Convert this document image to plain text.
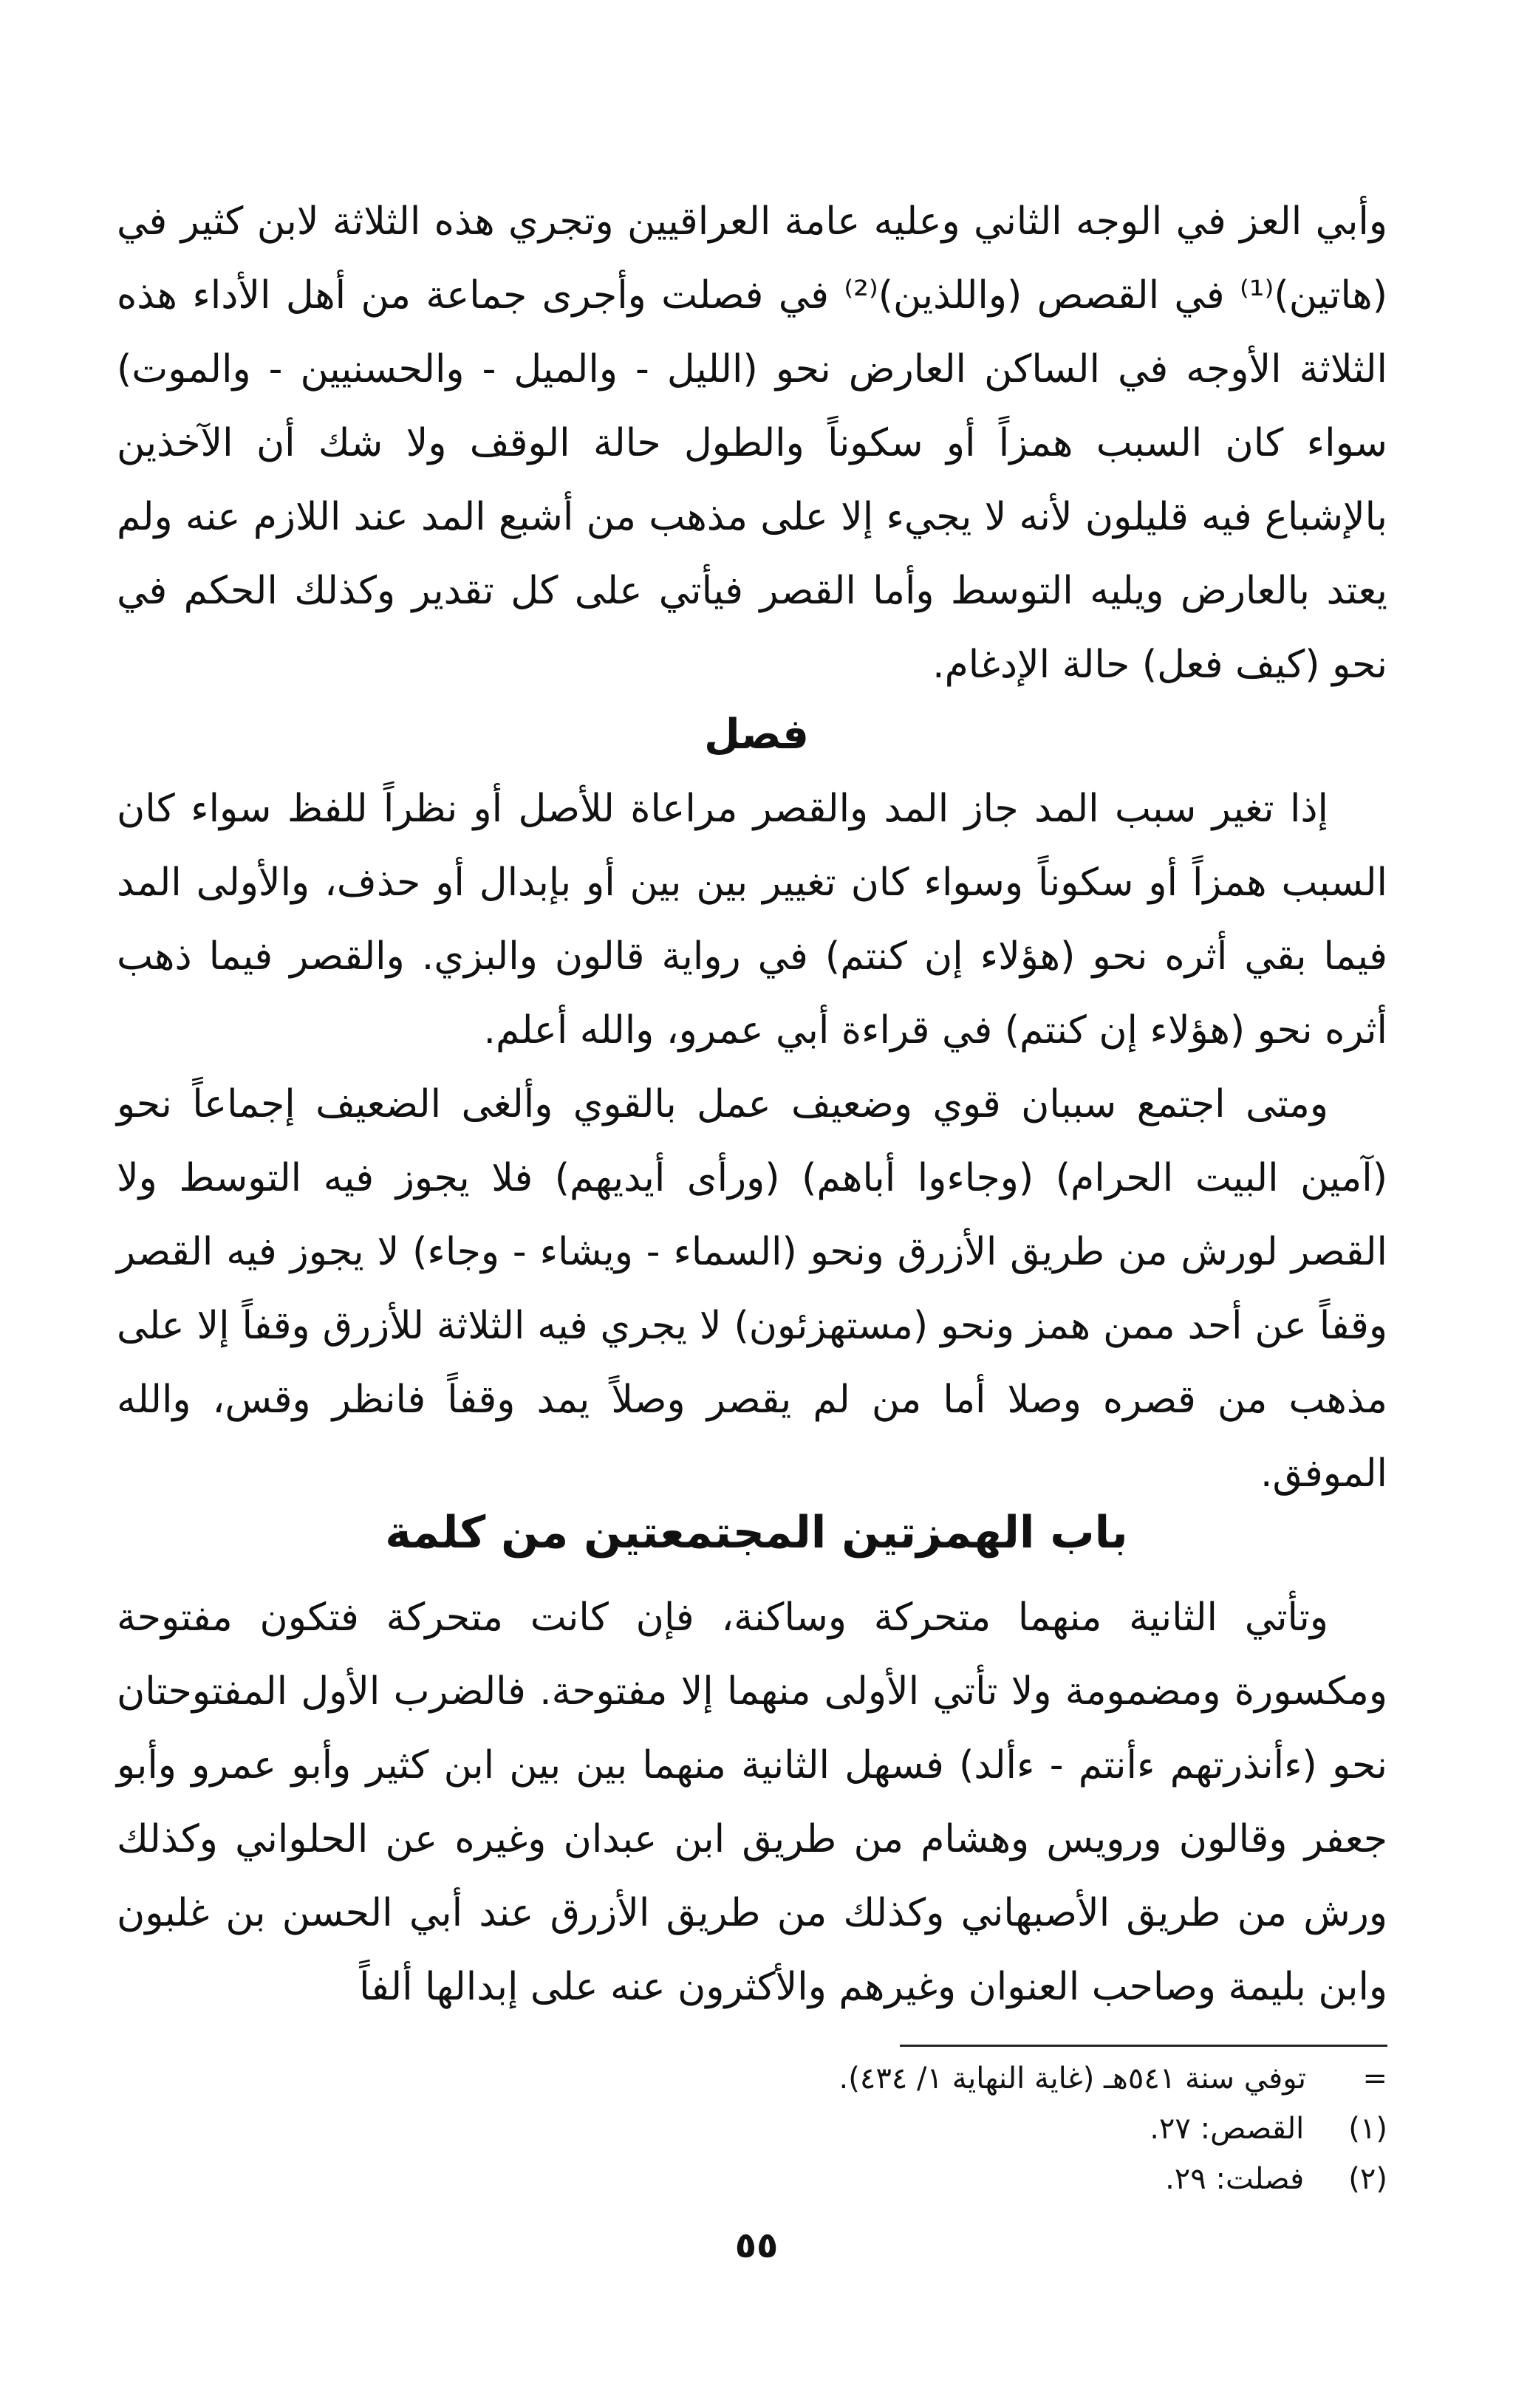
وأبي العز في الوجه الثاني وعليه عامة العراقيين وتجري هذه الثلاثة لابن كثير في (هاتين)⁽¹⁾ في القصص (واللذين)⁽²⁾ في فصلت وأجرى جماعة من أهل الأداء هذه الثلاثة الأوجه في الساكن العارض نحو (الليل - والميل - والحسنيين - والموت) سواء كان السبب همزاً أو سكوناً والطول حالة الوقف ولا شك أن الآخذين بالإشباع فيه قليلون لأنه لا يجيء إلا على مذهب من أشبع المد عند اللازم عنه ولم يعتد بالعارض ويليه التوسط وأما القصر فيأتي على كل تقدير وكذلك الحكم في نحو (كيف فعل) حالة الإدغام.

فصل

إذا تغير سبب المد جاز المد والقصر مراعاة للأصل أو نظراً للفظ سواء كان السبب همزاً أو سكوناً وسواء كان تغيير بين بين أو بإبدال أو حذف، والأولى المد فيما بقي أثره نحو (هؤلاء إن كنتم) في رواية قالون والبزي. والقصر فيما ذهب أثره نحو (هؤلاء إن كنتم) في قراءة أبي عمرو، والله أعلم.

ومتى اجتمع سببان قوي وضعيف عمل بالقوي وألغى الضعيف إجماعاً نحو (آمين البيت الحرام) (وجاءوا أباهم) (ورأى أيديهم) فلا يجوز فيه التوسط ولا القصر لورش من طريق الأزرق ونحو (السماء - ويشاء - وجاء) لا يجوز فيه القصر وقفاً عن أحد ممن همز ونحو (مستهزئون) لا يجري فيه الثلاثة للأزرق وقفاً إلا على مذهب من قصره وصلا أما من لم يقصر وصلاً يمد وقفاً فانظر وقس، والله الموفق.

باب الهمزتين المجتمعتين من كلمة

وتأتي الثانية منهما متحركة وساكنة، فإن كانت متحركة فتكون مفتوحة ومكسورة ومضمومة ولا تأتي الأولى منهما إلا مفتوحة. فالضرب الأول المفتوحتان نحو (ءأنذرتهم ءأنتم - ءألد) فسهل الثانية منهما بين بين ابن كثير وأبو عمرو وأبو جعفر وقالون ورويس وهشام من طريق ابن عبدان وغيره عن الحلواني وكذلك ورش من طريق الأصبهاني وكذلك من طريق الأزرق عند أبي الحسن بن غلبون وابن بليمة وصاحب العنوان وغيرهم والأكثرون عنه على إبدالها ألفاً

=
توفي سنة ٥٤١هـ (غاية النهاية ١/ ٤٣٤).
(١)
القصص: ٢٧.
(٢)
فصلت: ٢٩.
٥٥
